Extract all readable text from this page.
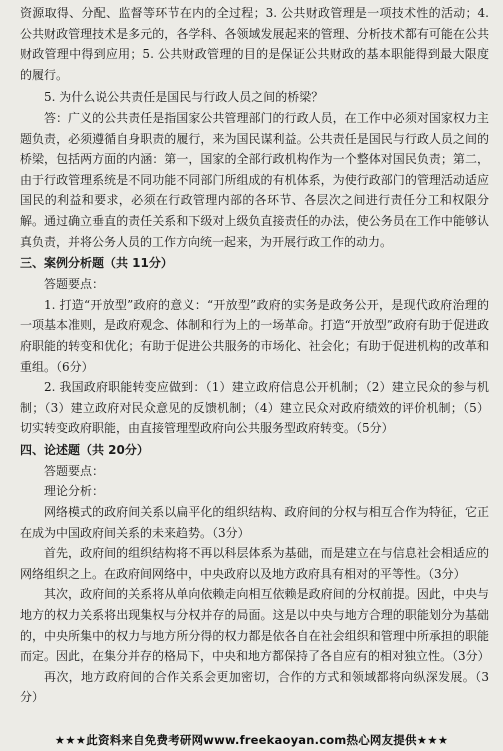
资源取得、分配、监督等环节在内的全过程；3. 公共财政管理是一项技术性的活动；4. 公共财政管理技术是多元的，各学科、各领域发展起来的管理、分析技术都有可能在公共财政管理中得到应用；5. 公共财政管理的目的是保证公共财政的基本职能得到最大限度的履行。

5. 为什么说公共责任是国民与行政人员之间的桥梁？

答：广义的公共责任是指国家公共管理部门的行政人员，在工作中必须对国家权力主题负责，必须遵循自身职责的履行，来为国民谋利益。公共责任是国民与行政人员之间的桥梁，包括两方面的内涵：第一，国家的全部行政机构作为一个整体对国民负责；第二，由于行政管理系统是不同功能不同部门所组成的有机体系，为使行政部门的管理活动适应国民的利益和要求，必须在行政管理内部的各环节、各层次之间进行责任分工和权限分解。通过确立垂直的责任关系和下级对上级负直接责任的办法，使公务员在工作中能够认真负责，并将公务人员的工作方向统一起来，为开展行政工作的动力。

三、案例分析题（共 11分）

答题要点：

1. 打造“开放型”政府的意义：“开放型”政府的实务是政务公开，是现代政府治理的一项基本准则，是政府观念、体制和行为上的一场革命。打造“开放型”政府有助于促进政府职能的转变和优化；有助于促进公共服务的市场化、社会化；有助于促进机构的改革和重组。（6分）

2. 我国政府职能转变应做到：（1）建立政府信息公开机制；（2）建立民众的参与机制；（3）建立政府对民众意见的反馈机制；（4）建立民众对政府绩效的评价机制；（5）切实转变政府职能，由直接管理型政府向公共服务型政府转变。（5分）

四、论述题（共 20分）

答题要点：

理论分析：

网络模式的政府间关系以扁平化的组织结构、政府间的分权与相互合作为特征，它正在成为中国政府间关系的未来趋势。（3分）

首先，政府间的组织结构将不再以科层体系为基础，而是建立在与信息社会相适应的网络组织之上。在政府间网络中，中央政府以及地方政府具有相对的平等性。（3分）

其次，政府间的关系将从单向依赖走向相互依赖是政府间的分权前提。因此，中央与地方的权力关系将出现集权与分权并存的局面。这是以中央与地方合理的职能划分为基础的，中央所集中的权力与地方所分得的权力都是依各自在社会组织和管理中所承担的职能而定。因此，在集分并存的格局下，中央和地方都保持了各自应有的相对独立性。（3分）

再次，地方政府间的合作关系会更加密切，合作的方式和领域都将向纵深发展。（3分）

★★★此资料来自免费考研网www.freekaoyan.com热心网友提供★★★
